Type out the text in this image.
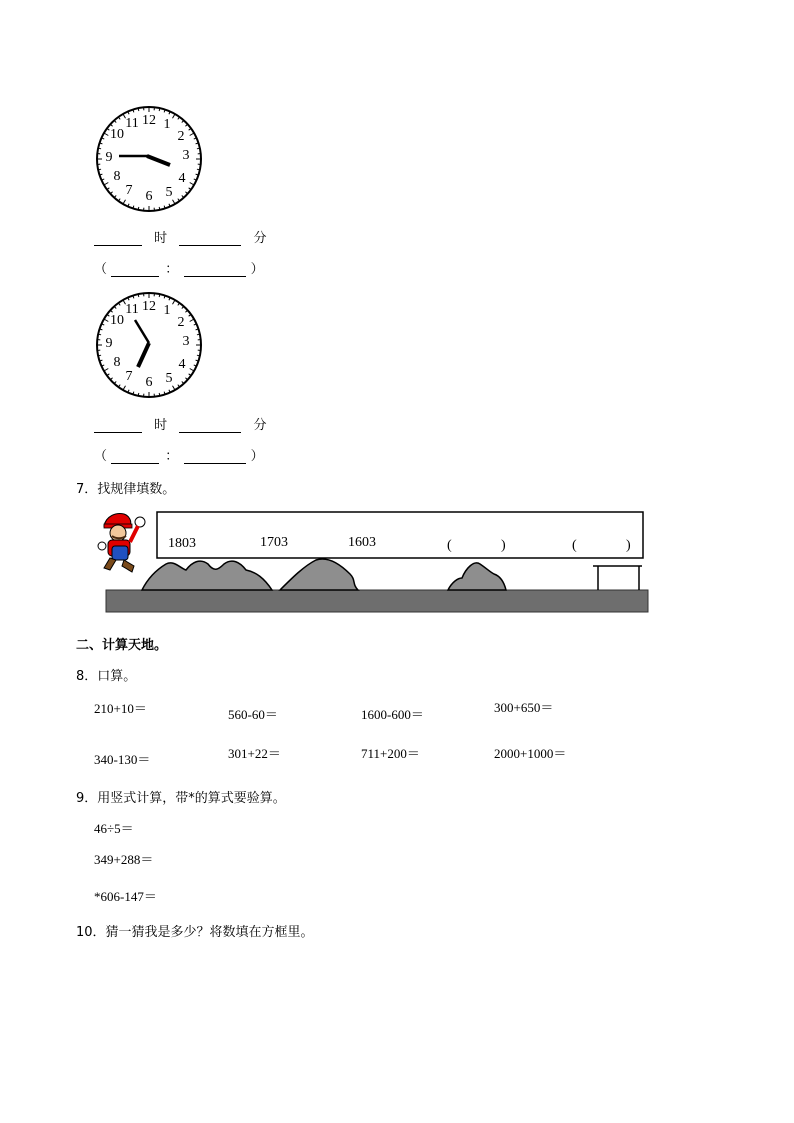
12 1
2
3
4
5
6
7
8
9
10
11
时	分
（	：	）
12 1
2
3
4
5
6
7
8
9
10
11
时	分
（	：	）
7．找规律填数。
1803	1703	1603	(	)	(	)
二、计算天地。
8．口算。
210+10＝	560-60＝	1600-600＝	300+650＝
340-130＝	301+22＝	711+200＝	2000+1000＝
9．用竖式计算，带*的算式要验算。
46÷5＝
349+288＝
*606-147＝
10．猜一猜我是多少？将数填在方框里。
